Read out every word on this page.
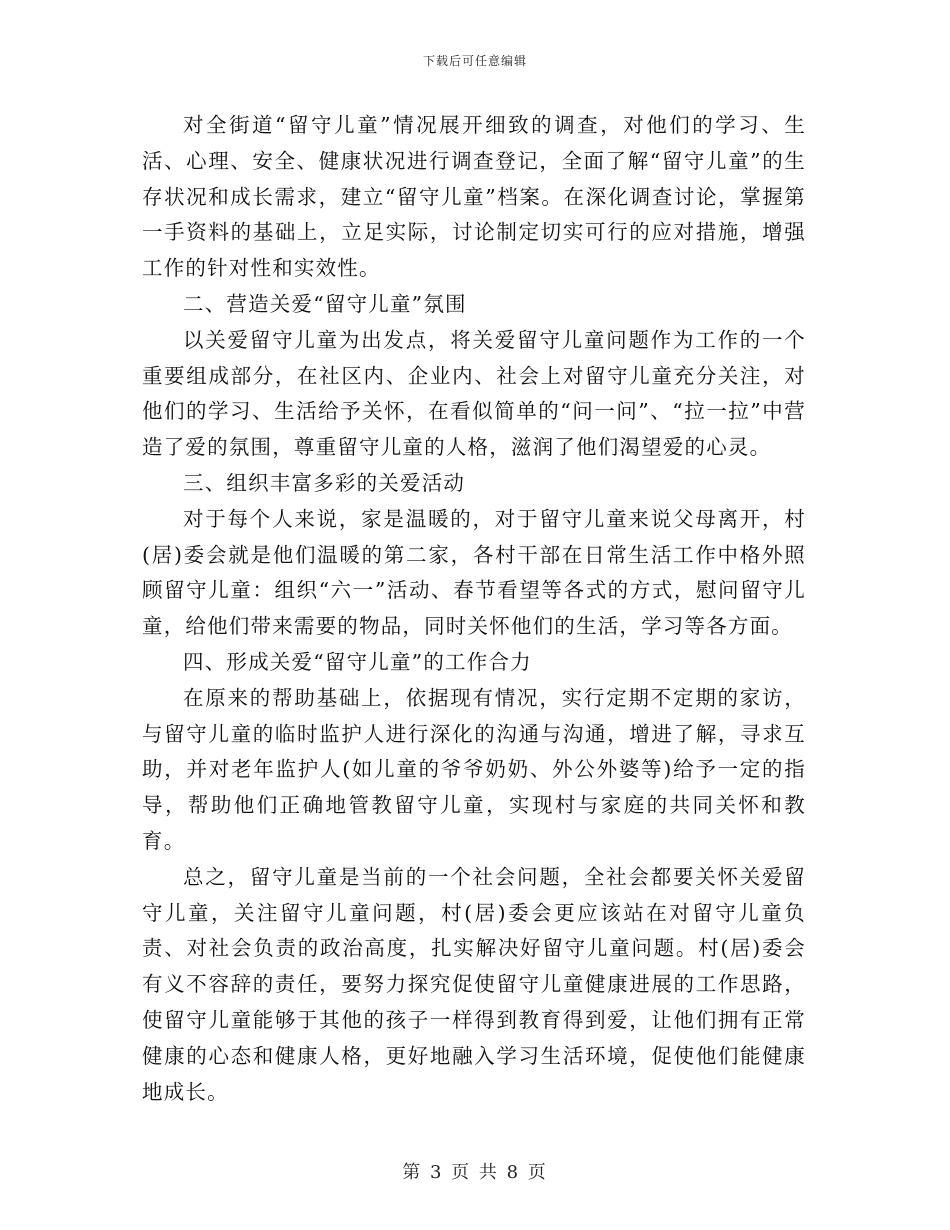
下载后可任意编辑

对全街道“留守儿童”情况展开细致的调查，对他们的学习、生活、心理、安全、健康状况进行调查登记，全面了解“留守儿童”的生存状况和成长需求，建立“留守儿童”档案。在深化调查讨论，掌握第一手资料的基础上，立足实际，讨论制定切实可行的应对措施，增强工作的针对性和实效性。

二、营造关爱“留守儿童”氛围

以关爱留守儿童为出发点，将关爱留守儿童问题作为工作的一个重要组成部分，在社区内、企业内、社会上对留守儿童充分关注，对他们的学习、生活给予关怀，在看似简单的“问一问”、“拉一拉”中营造了爱的氛围，尊重留守儿童的人格，滋润了他们渴望爱的心灵。

三、组织丰富多彩的关爱活动

对于每个人来说，家是温暖的，对于留守儿童来说父母离开，村(居)委会就是他们温暖的第二家，各村干部在日常生活工作中格外照顾留守儿童：组织“六一”活动、春节看望等各式的方式，慰问留守儿童，给他们带来需要的物品，同时关怀他们的生活，学习等各方面。

四、形成关爱“留守儿童”的工作合力

在原来的帮助基础上，依据现有情况，实行定期不定期的家访，与留守儿童的临时监护人进行深化的沟通与沟通，增进了解，寻求互助，并对老年监护人(如儿童的爷爷奶奶、外公外婆等)给予一定的指导，帮助他们正确地管教留守儿童，实现村与家庭的共同关怀和教育。

总之，留守儿童是当前的一个社会问题，全社会都要关怀关爱留守儿童，关注留守儿童问题，村(居)委会更应该站在对留守儿童负责、对社会负责的政治高度，扎实解决好留守儿童问题。村(居)委会有义不容辞的责任，要努力探究促使留守儿童健康进展的工作思路，使留守儿童能够于其他的孩子一样得到教育得到爱，让他们拥有正常健康的心态和健康人格，更好地融入学习生活环境，促使他们能健康地成长。

第 3 页 共 8 页
